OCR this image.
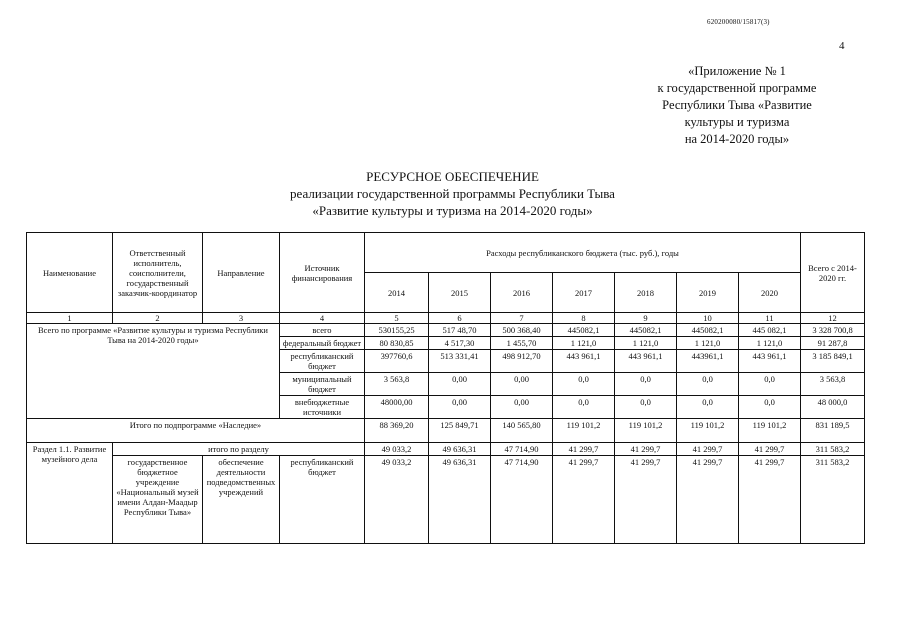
620200080/15817(3)
4
«Приложение № 1
к государственной программе
Республики Тыва «Развитие
культуры и туризма
на 2014-2020 годы»
РЕСУРСНОЕ ОБЕСПЕЧЕНИЕ
реализации государственной программы Республики Тыва
«Развитие культуры и туризма на 2014-2020 годы»
Наименование	Ответственный исполнитель, соисполнители, государственный заказчик-координатор	Направление	Источник финансирования	Расходы республиканского бюджета (тыс. руб.), годы							Всего с 2014-2020 гг.
				2014	2015	2016	2017	2018	2019	2020	
1	2	3	4	5	6	7	8	9	10	11	12
Всего по программе «Развитие культуры и туризма Республики Тыва на 2014-2020 годы»			всего	530155,25	517 48,70	500 368,40	445082,1	445082,1	445082,1	445 082,1	3 328 700,8
			федеральный бюджет	80 830,85	4 517,30	1 455,70	1 121,0	1 121,0	1 121,0	1 121,0	91 287,8
			республиканский бюджет	397760,6	513 331,41	498 912,70	443 961,1	443 961,1	443961,1	443 961,1	3 185 849,1
			муниципальный бюджет	3 563,8	0,00	0,00	0,0	0,0	0,0	0,0	3 563,8
			внебюджетные источники	48000,00	0,00	0,00	0,0	0,0	0,0	0,0	48 000,0
Итого по подпрограмме «Наследие»				88 369,20	125 849,71	140 565,80	119 101,2	119 101,2	119 101,2	119 101,2	831 189,5
Раздел 1.1. Развитие музейного дела	итого по разделу			49 033,2	49 636,31	47 714,90	41 299,7	41 299,7	41 299,7	41 299,7	311 583,2
	государственное бюджетное учреждение «Национальный музей имени Алдан-Маадыр Республики Тыва»	обеспечение деятельности подведомственных учреждений	республиканский бюджет	49 033,2	49 636,31	47 714,90	41 299,7	41 299,7	41 299,7	41 299,7	311 583,2
